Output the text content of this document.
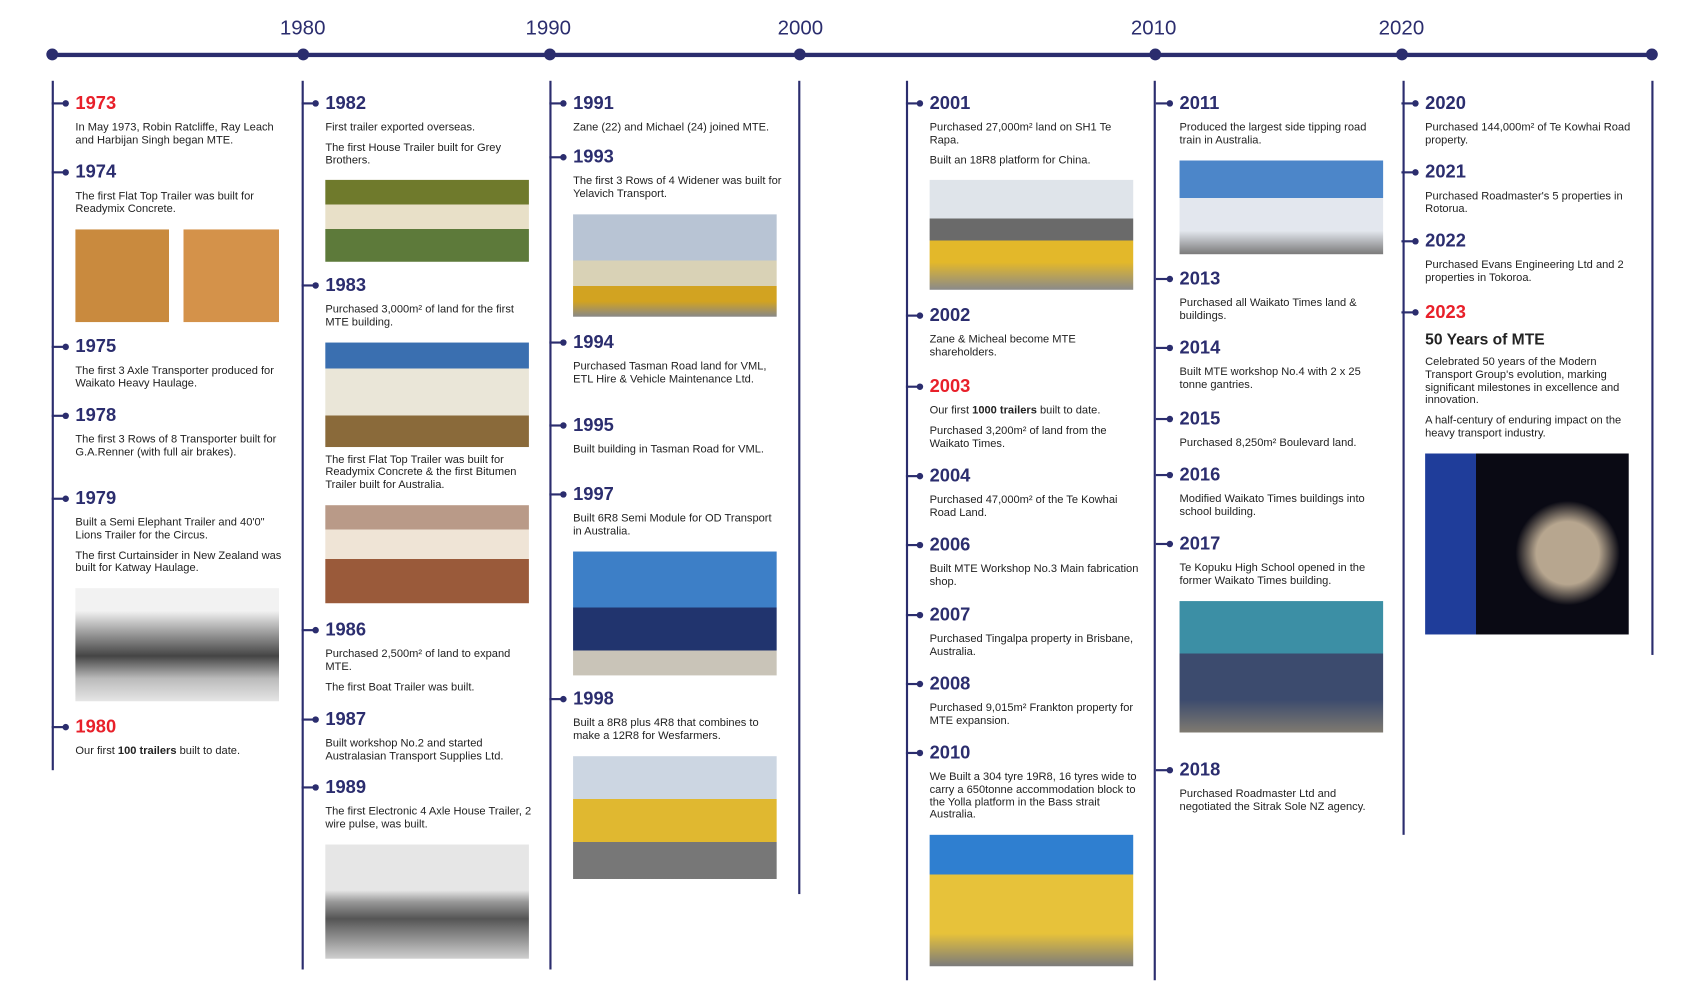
1980	1990	2000	2010	2020
1973
In May 1973, Robin Ratcliffe, Ray Leach and Harbijan Singh began MTE.
1974
The first Flat Top Trailer was built for Readymix Concrete.
1975
The first 3 Axle Transporter produced for Waikato Heavy Haulage.
1978
The first 3 Rows of 8 Transporter built for G.A.Renner (with full air brakes).
1979
Built a Semi Elephant Trailer and 40'0" Lions Trailer for the Circus.
The first Curtainsider in New Zealand was built for Katway Haulage.
1980
Our first 100 trailers built to date.
1982
First trailer exported overseas.
The first House Trailer built for Grey Brothers.
1983
Purchased 3,000m² of land for the first MTE building.
The first Flat Top Trailer was built for Readymix Concrete & the first Bitumen Trailer built for Australia.
1986
Purchased 2,500m² of land to expand MTE.
The first Boat Trailer was built.
1987
Built workshop No.2 and started Australasian Transport Supplies Ltd.
1989
The first Electronic 4 Axle House Trailer, 2 wire pulse, was built.
1991
Zane (22) and Michael (24) joined MTE.
1993
The first 3 Rows of 4 Widener was built for Yelavich Transport.
1994
Purchased Tasman Road land for VML, ETL Hire & Vehicle Maintenance Ltd.
1995
Built building in Tasman Road for VML.
1997
Built 6R8 Semi Module for OD Transport in Australia.
1998
Built a 8R8 plus 4R8 that combines to make a 12R8 for Wesfarmers.
2001
Purchased 27,000m² land on SH1 Te Rapa.
Built an 18R8 platform for China.
2002
Zane & Micheal become MTE shareholders.
2003
Our first 1000 trailers built to date.
Purchased 3,200m² of land from the Waikato Times.
2004
Purchased 47,000m² of the Te Kowhai Road Land.
2006
Built MTE Workshop No.3 Main fabrication shop.
2007
Purchased Tingalpa property in Brisbane, Australia.
2008
Purchased 9,015m² Frankton property for MTE expansion.
2010
We Built a 304 tyre 19R8, 16 tyres wide to carry a 650tonne accommodation block to the Yolla platform in the Bass strait Australia.
2011
Produced the largest side tipping road train in Australia.
2013
Purchased all Waikato Times land & buildings.
2014
Built MTE workshop No.4 with 2 x 25 tonne gantries.
2015
Purchased 8,250m² Boulevard land.
2016
Modified Waikato Times buildings into school building.
2017
Te Kopuku High School opened in the former Waikato Times building.
2018
Purchased Roadmaster Ltd and negotiated the Sitrak Sole NZ agency.
2020
Purchased 144,000m² of Te Kowhai Road property.
2021
Purchased Roadmaster's 5 properties in Rotorua.
2022
Purchased Evans Engineering Ltd and 2 properties in Tokoroa.
2023
50 Years of MTE
Celebrated 50 years of the Modern Transport Group's evolution, marking significant milestones in excellence and innovation.
A half-century of enduring impact on the heavy transport industry.
